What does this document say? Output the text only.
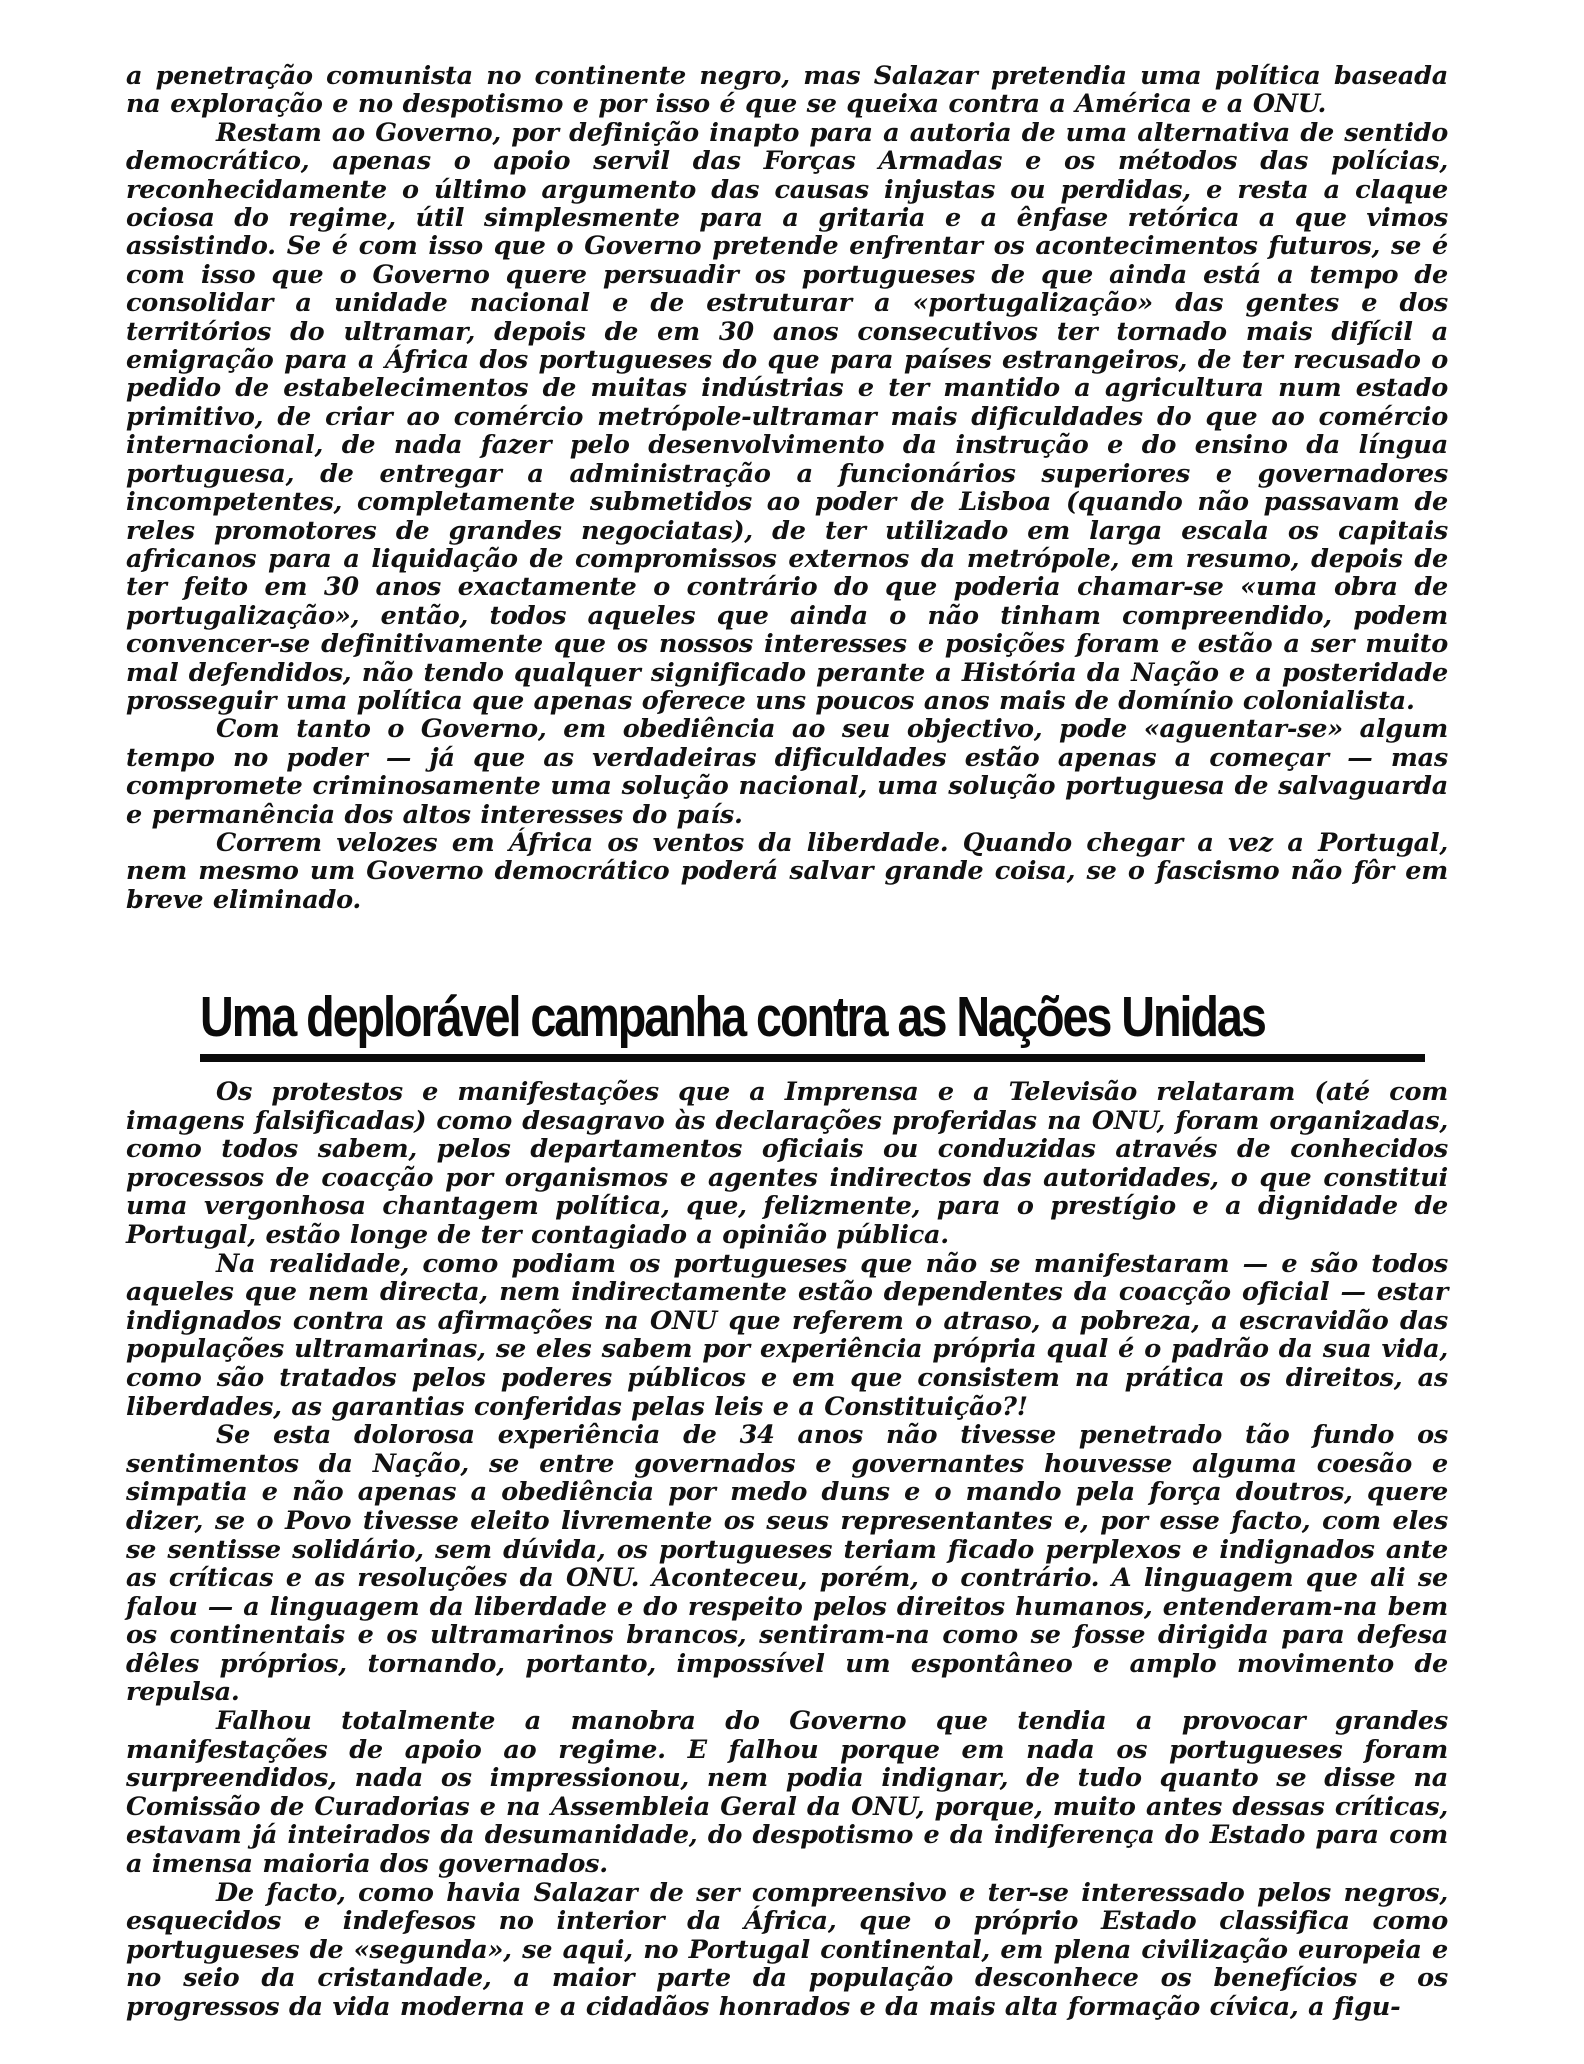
a penetração comunista no continente negro, mas Salazar pretendia uma política baseada na exploração e no despotismo e por isso é que se queixa contra a América e a ONU.

Restam ao Governo, por definição inapto para a autoria de uma alternativa de sentido democrático, apenas o apoio servil das Forças Armadas e os métodos das polícias, reconhecidamente o último argumento das causas injustas ou perdidas, e resta a claque ociosa do regime, útil simplesmente para a gritaria e a ênfase retórica a que vimos assistindo. Se é com isso que o Governo pretende enfrentar os acontecimentos futuros, se é com isso que o Governo quere persuadir os portugueses de que ainda está a tempo de consolidar a unidade nacional e de estruturar a «portugalização» das gentes e dos territórios do ultramar, depois de em 30 anos consecutivos ter tornado mais difícil a emigração para a África dos portugueses do que para países estrangeiros, de ter recusado o pedido de estabelecimentos de muitas indústrias e ter mantido a agricultura num estado primitivo, de criar ao comércio metrópole-ultramar mais dificuldades do que ao comércio internacional, de nada fazer pelo desenvolvimento da instrução e do ensino da língua portuguesa, de entregar a administração a funcionários superiores e governadores incompetentes, completamente submetidos ao poder de Lisboa (quando não passavam de reles promotores de grandes negociatas), de ter utilizado em larga escala os capitais africanos para a liquidação de compromissos externos da metrópole, em resumo, depois de ter feito em 30 anos exactamente o contrário do que poderia chamar-se «uma obra de portugalização», então, todos aqueles que ainda o não tinham compreendido, podem convencer-se definitivamente que os nossos interesses e posições foram e estão a ser muito mal defendidos, não tendo qualquer significado perante a História da Nação e a posteridade prosseguir uma política que apenas oferece uns poucos anos mais de domínio colonialista.

Com tanto o Governo, em obediência ao seu objectivo, pode «aguentar-se» algum tempo no poder — já que as verdadeiras dificuldades estão apenas a começar — mas compromete criminosamente uma solução nacional, uma solução portuguesa de salvaguarda e permanência dos altos interesses do país.

Correm velozes em África os ventos da liberdade. Quando chegar a vez a Portugal, nem mesmo um Governo democrático poderá salvar grande coisa, se o fascismo não fôr em breve eliminado.

Uma deplorável campanha contra as Nações Unidas

Os protestos e manifestações que a Imprensa e a Televisão relataram (até com imagens falsificadas) como desagravo às declarações proferidas na ONU, foram organizadas, como todos sabem, pelos departamentos oficiais ou conduzidas através de conhecidos processos de coacção por organismos e agentes indirectos das autoridades, o que constitui uma vergonhosa chantagem política, que, felizmente, para o prestígio e a dignidade de Portugal, estão longe de ter contagiado a opinião pública.

Na realidade, como podiam os portugueses que não se manifestaram — e são todos aqueles que nem directa, nem indirectamente estão dependentes da coacção oficial — estar indignados contra as afirmações na ONU que referem o atraso, a pobreza, a escravidão das populações ultramarinas, se eles sabem por experiência própria qual é o padrão da sua vida, como são tratados pelos poderes públicos e em que consistem na prática os direitos, as liberdades, as garantias conferidas pelas leis e a Constituição?!

Se esta dolorosa experiência de 34 anos não tivesse penetrado tão fundo os sentimentos da Nação, se entre governados e governantes houvesse alguma coesão e simpatia e não apenas a obediência por medo duns e o mando pela força doutros, quere dizer, se o Povo tivesse eleito livremente os seus representantes e, por esse facto, com eles se sentisse solidário, sem dúvida, os portugueses teriam ficado perplexos e indignados ante as críticas e as resoluções da ONU. Aconteceu, porém, o contrário. A linguagem que ali se falou — a linguagem da liberdade e do respeito pelos direitos humanos, entenderam-na bem os continentais e os ultramarinos brancos, sentiram-na como se fosse dirigida para defesa dêles próprios, tornando, portanto, impossível um espontâneo e amplo movimento de repulsa.

Falhou totalmente a manobra do Governo que tendia a provocar grandes manifestações de apoio ao regime. E falhou porque em nada os portugueses foram surpreendidos, nada os impressionou, nem podia indignar, de tudo quanto se disse na Comissão de Curadorias e na Assembleia Geral da ONU, porque, muito antes dessas críticas, estavam já inteirados da desumanidade, do despotismo e da indiferença do Estado para com a imensa maioria dos governados.

De facto, como havia Salazar de ser compreensivo e ter-se interessado pelos negros, esquecidos e indefesos no interior da África, que o próprio Estado classifica como portugueses de «segunda», se aqui, no Portugal continental, em plena civilização europeia e no seio da cristandade, a maior parte da população desconhece os benefícios e os progressos da vida moderna e a cidadãos honrados e da mais alta formação cívica, a figu-
